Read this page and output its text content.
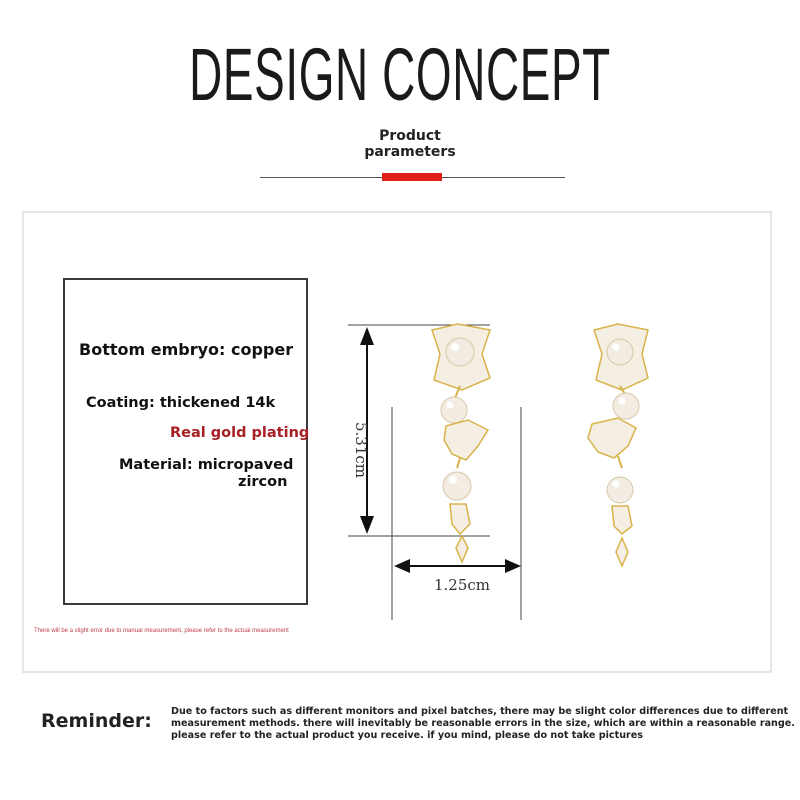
DESIGN CONCEPT
Product
parameters
Bottom embryo: copper
Coating: thickened 14k
Real gold plating
Material: micropaved
zircon
There will be a slight error due to manual measurement, please refer to the actual measurement
5.31cm
1.25cm
Reminder: Due to factors such as different monitors and pixel batches, there may be slight color differences due to different
measurement methods. there will inevitably be reasonable errors in the size, which are within a reasonable range.
please refer to the actual product you receive. if you mind, please do not take pictures
